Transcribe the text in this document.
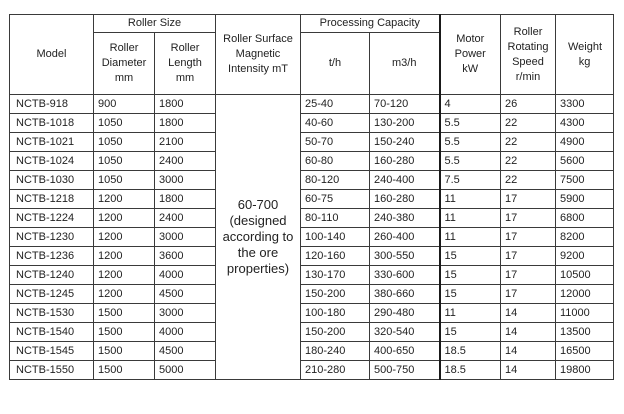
Model	Roller Size		Roller Surface Magnetic Intensity mT	Processing Capacity		Motor Power kW	Roller Rotating Speed r/min	Weight kg
	Roller Diameter mm	Roller Length mm		t/h	m3/h			
NCTB-918	900	1800	60-700 (designed according to the ore properties)	25-40	70-120	4	26	3300
NCTB-1018	1050	1800		40-60	130-200	5.5	22	4300
NCTB-1021	1050	2100		50-70	150-240	5.5	22	4900
NCTB-1024	1050	2400		60-80	160-280	5.5	22	5600
NCTB-1030	1050	3000		80-120	240-400	7.5	22	7500
NCTB-1218	1200	1800		60-75	160-280	11	17	5900
NCTB-1224	1200	2400		80-110	240-380	11	17	6800
NCTB-1230	1200	3000		100-140	260-400	11	17	8200
NCTB-1236	1200	3600		120-160	300-550	15	17	9200
NCTB-1240	1200	4000		130-170	330-600	15	17	10500
NCTB-1245	1200	4500		150-200	380-660	15	17	12000
NCTB-1530	1500	3000		100-180	290-480	11	14	11000
NCTB-1540	1500	4000		150-200	320-540	15	14	13500
NCTB-1545	1500	4500		180-240	400-650	18.5	14	16500
NCTB-1550	1500	5000		210-280	500-750	18.5	14	19800
